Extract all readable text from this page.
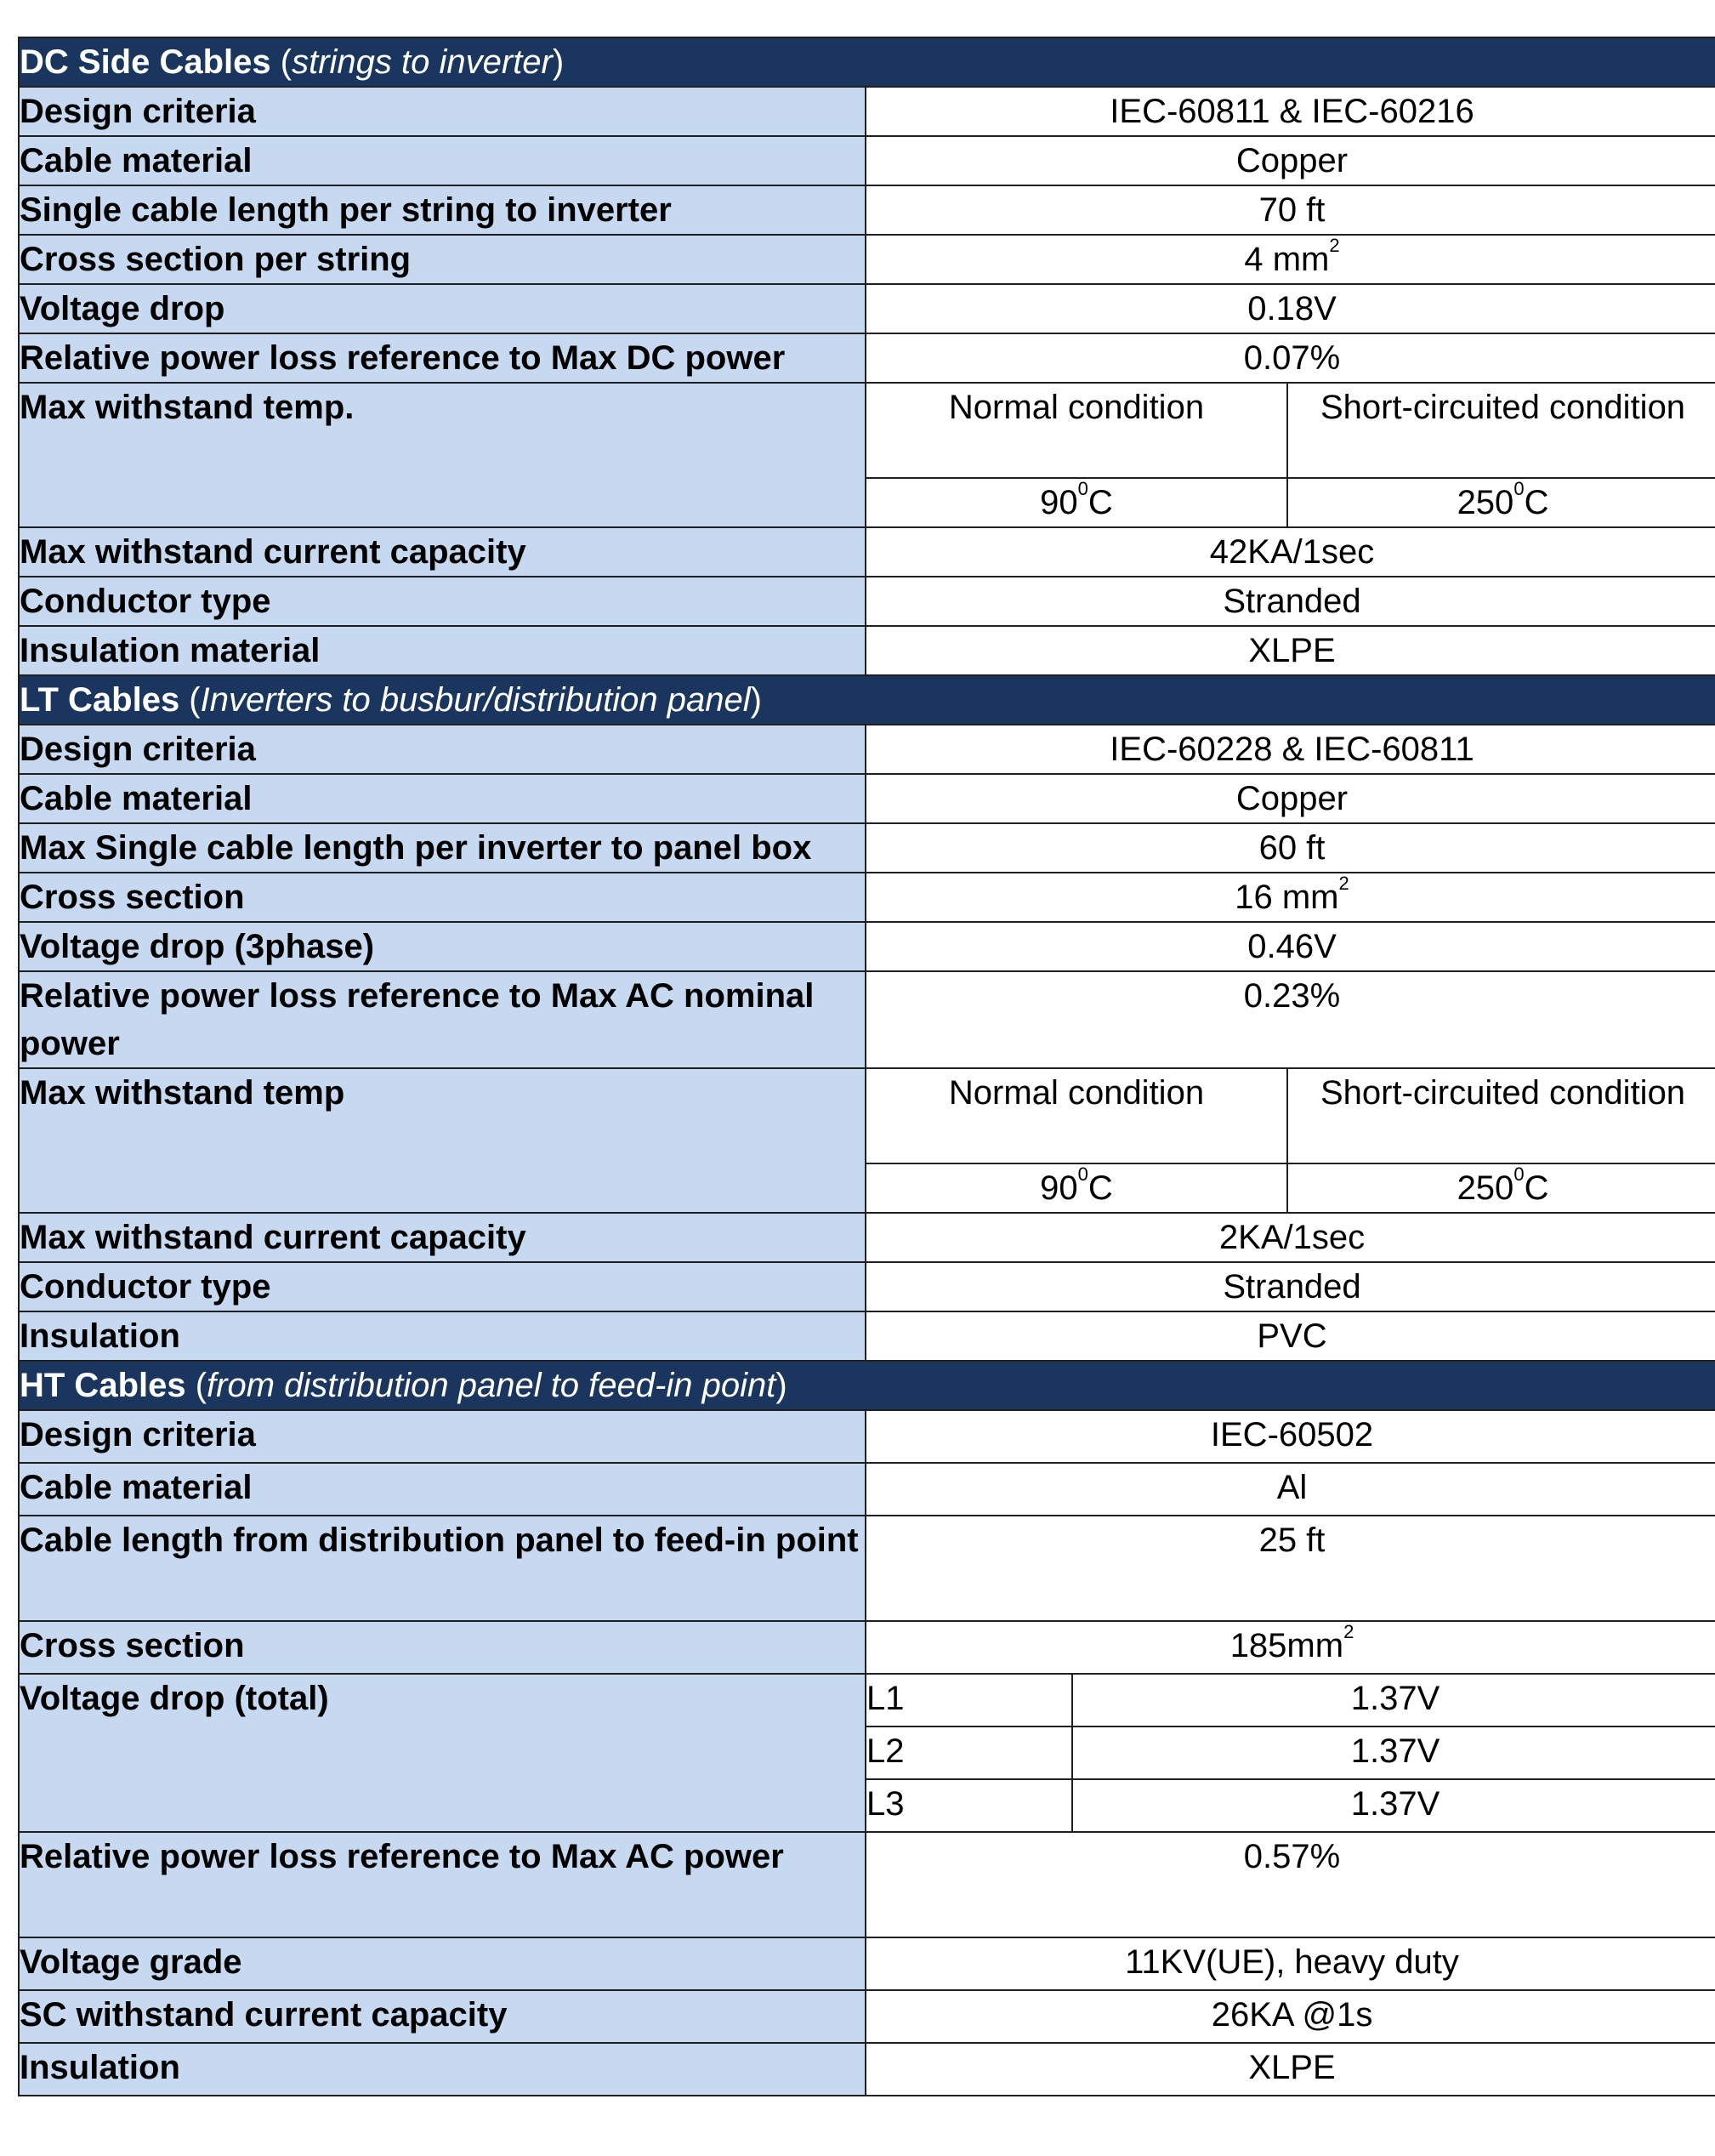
DC Side Cables (strings to inverter)			
Design criteria	IEC-60811 & IEC-60216		
Cable material	Copper		
Single cable length per string to inverter	70 ft		
Cross section per string	4 $mm^2$
Voltage drop	0.18V		
Relative power loss reference to Max DC power	0.07%		
Max withstand temp.	Normal condition		Short-circuited condition
	$90^0C$		$250^0C$
Max withstand current capacity	42KA/1sec		
Conductor type	Stranded		
Insulation material	XLPE		
LT Cables (Inverters to busbur/distribution panel)			
Design criteria	IEC-60228 & IEC-60811		
Cable material	Copper		
Max Single cable length per inverter to panel box	60 ft		
Cross section	16 $mm^2$
Voltage drop (3phase)	0.46V		
Relative power loss reference to Max AC nominal power	0.23%		
Max withstand temp	Normal condition		Short-circuited condition
	$90^0C$		$250^0C$
Max withstand current capacity	2KA/1sec		
Conductor type	Stranded		
Insulation	PVC		
HT Cables (from distribution panel to feed-in point)			
Design criteria	IEC-60502		
Cable material	Al		
Cable length from distribution panel to feed-in point	25 ft		
Cross section	$185mm^2$
Voltage drop (total)	L1	1.37V	
	L2	1.37V	
	L3	1.37V	
Relative power loss reference to Max AC power	0.57%		
Voltage grade	11KV(UE), heavy duty		
SC withstand current capacity	26KA @1s		
Insulation	XLPE		
